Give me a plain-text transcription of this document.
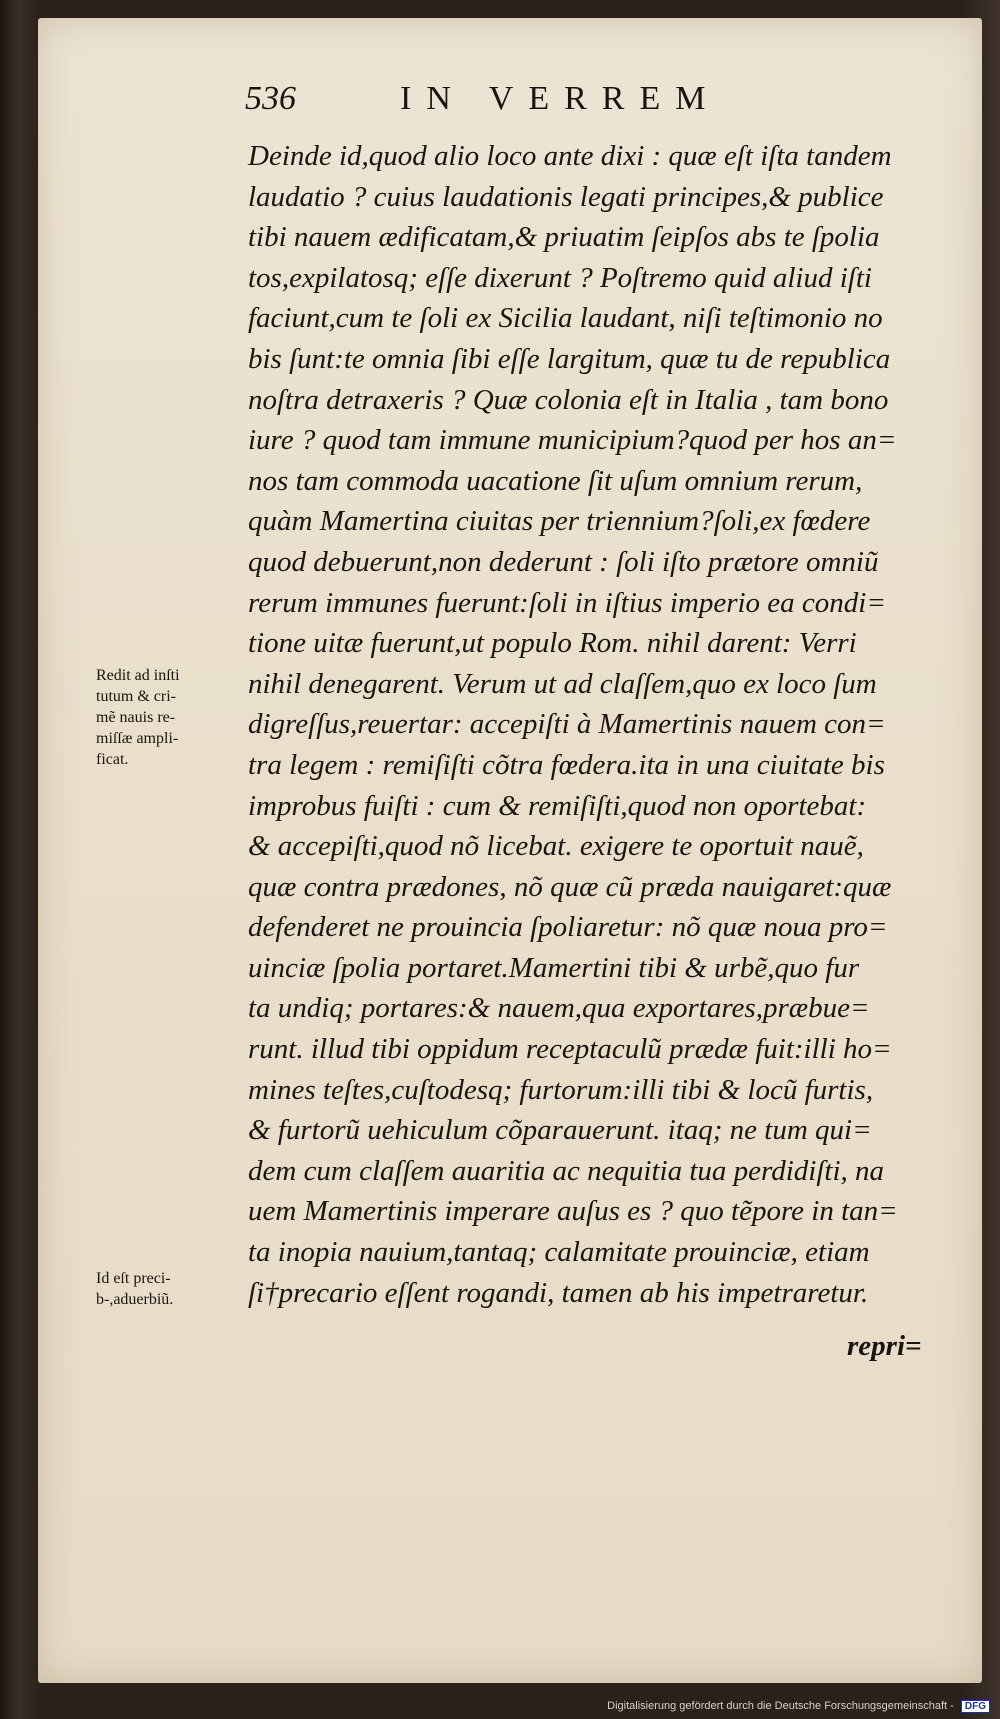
536	IN VERREM
Deinde id,quod alio loco ante dixi : quæ eſt iſta tandem
laudatio ? cuius laudationis legati principes,& publice
tibi nauem ædificatam,& priuatim ſeipſos abs te ſpolia
tos,expilatosq; eſſe dixerunt ? Poſtremo quid aliud iſti
faciunt,cum te ſoli ex Sicilia laudant, niſi teſtimonio no
bis ſunt:te omnia ſibi eſſe largitum, quæ tu de republica
noſtra detraxeris ? Quæ colonia eſt in Italia , tam bono
iure ? quod tam immune municipium?quod per hos an=
nos tam commoda uacatione ſit uſum omnium rerum,
quàm Mamertina ciuitas per triennium?ſoli,ex fœdere
quod debuerunt,non dederunt : ſoli iſto prætore omniũ
rerum immunes fuerunt:ſoli in iſtius imperio ea condi=
tione uitæ fuerunt,ut populo Rom. nihil darent: Verri
nihil denegarent. Verum ut ad claſſem,quo ex loco ſum
digreſſus,reuertar: accepiſti à Mamertinis nauem con=
tra legem : remiſiſti cõtra fœdera.ita in una ciuitate bis
improbus fuiſti : cum & remiſiſti,quod non oportebat:
& accepiſti,quod nõ licebat. exigere te oportuit nauẽ,
quæ contra prædones, nõ quæ cũ præda nauigaret:quæ
defenderet ne prouincia ſpoliaretur: nõ quæ noua pro=
uinciæ ſpolia portaret.Mamertini tibi & urbẽ,quo fur
ta undiq; portares:& nauem,qua exportares,præbue=
runt. illud tibi oppidum receptaculũ prædæ fuit:illi ho=
mines teſtes,cuſtodesq; furtorum:illi tibi & locũ furtis,
& furtorũ uehiculum cõparauerunt. itaq; ne tum qui=
dem cum claſſem auaritia ac nequitia tua perdidiſti, na
uem Mamertinis imperare auſus es ? quo tẽpore in tan=
ta inopia nauium,tantaq; calamitate prouinciæ, etiam
ſi†precario eſſent rogandi, tamen ab his impetraretur.
repri=
Redit ad inſti
tutum & cri‑
mẽ nauis re‑
miſſæ ampli‑
ficat.
Id eſt preci‑
b‑,aduerbiũ.
Digitalisierung gefördert durch die Deutsche Forschungsgemeinschaft - DFG
